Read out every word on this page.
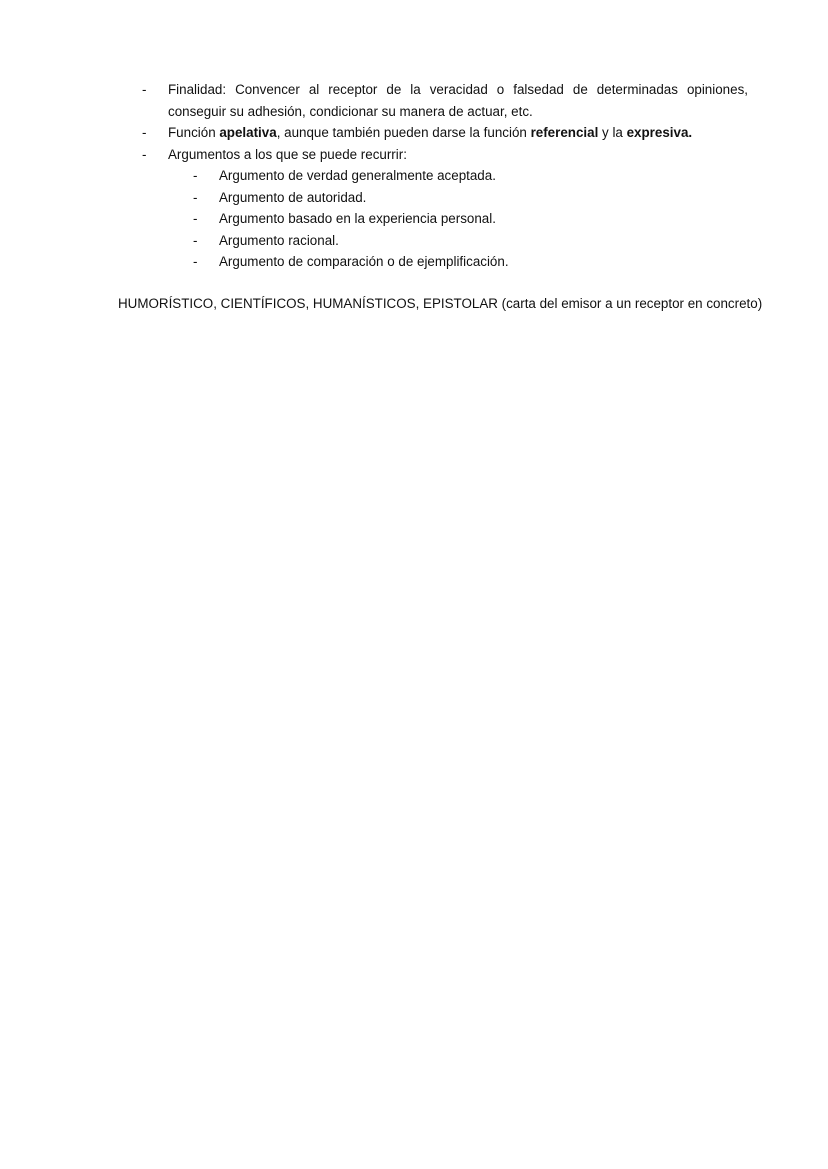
-	Finalidad: Convencer al receptor de la veracidad o falsedad de determinadas opiniones, conseguir su adhesión, condicionar su manera de actuar, etc.
-	Función apelativa, aunque también pueden darse la función referencial y la expresiva.
-	Argumentos a los que se puede recurrir:
-	Argumento de verdad generalmente aceptada.
-	Argumento de autoridad.
-	Argumento basado en la experiencia personal.
-	Argumento racional.
-	Argumento de comparación o de ejemplificación.
HUMORÍSTICO, CIENTÍFICOS, HUMANÍSTICOS, EPISTOLAR (carta del emisor a un receptor en concreto)
